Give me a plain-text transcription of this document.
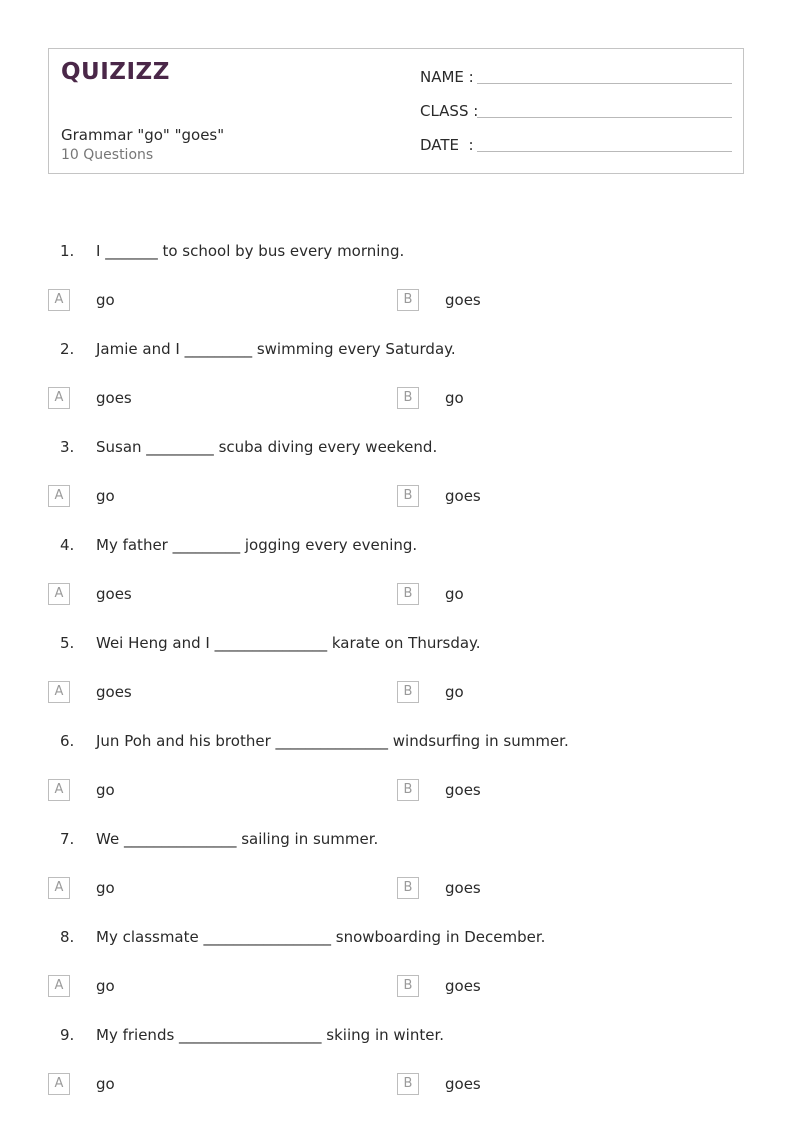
QUIZIZZ
Grammar "go" "goes"
10 Questions
NAME :
CLASS :
DATE  :
1. I _______ to school by bus every morning.
A	go	B	goes
2. Jamie and I _________ swimming every Saturday.
A	goes	B	go
3. Susan _________ scuba diving every weekend.
A	go	B	goes
4. My father _________ jogging every evening.
A	goes	B	go
5. Wei Heng and I _______________ karate on Thursday.
A	goes	B	go
6. Jun Poh and his brother _______________ windsurfing in summer.
A	go	B	goes
7. We _______________ sailing in summer.
A	go	B	goes
8. My classmate _________________ snowboarding in December.
A	go	B	goes
9. My friends ___________________ skiing in winter.
A	go	B	goes
